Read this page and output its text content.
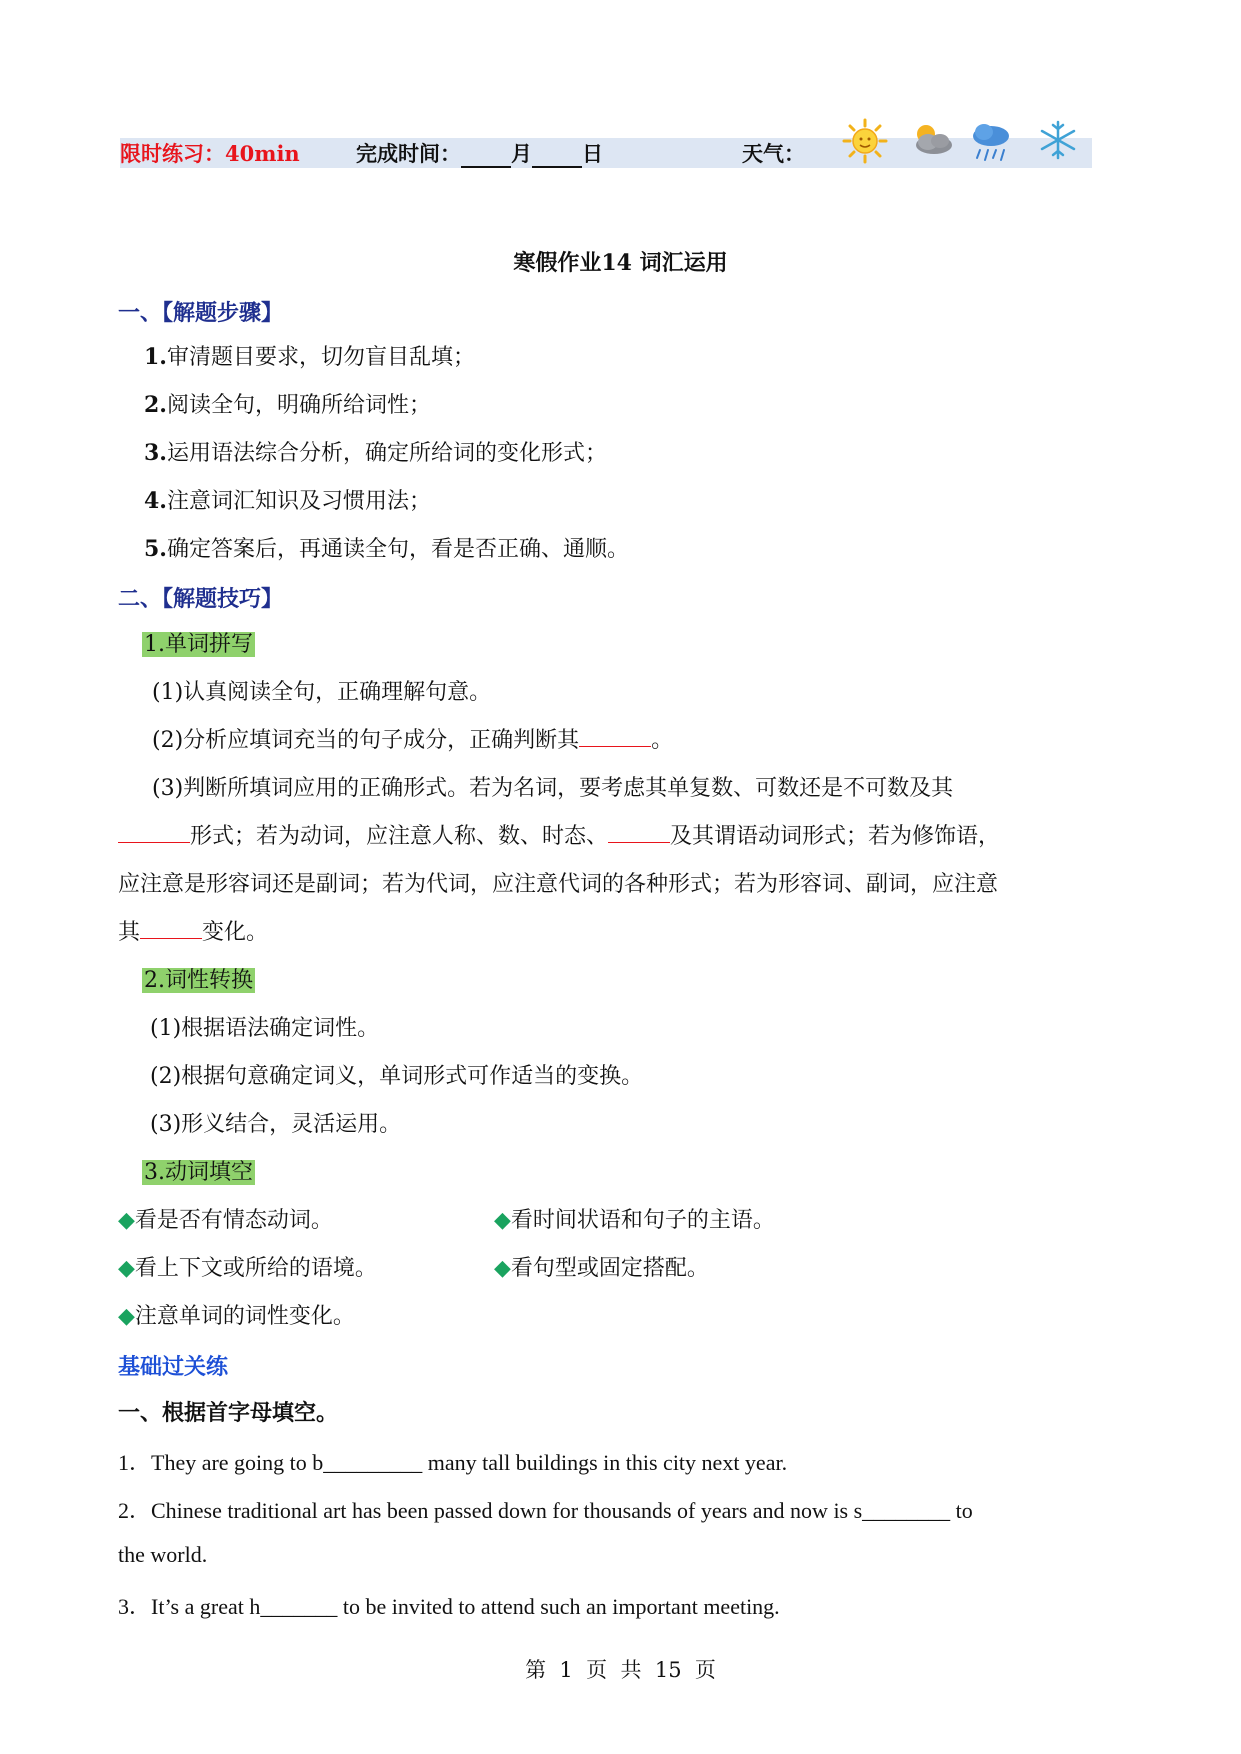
限时练习：40min	完成时间： 月 日	天气：
寒假作业14 词汇运用
一、【解题步骤】
1.审清题目要求，切勿盲目乱填；
2.阅读全句，明确所给词性；
3.运用语法综合分析，确定所给词的变化形式；
4.注意词汇知识及习惯用法；
5.确定答案后，再通读全句，看是否正确、通顺。
二、【解题技巧】
1.单词拼写
(1)认真阅读全句，正确理解句意。
(2)分析应填词充当的句子成分，正确判断其	。
(3)判断所填词应用的正确形式。若为名词，要考虑其单复数、可数还是不可数及其
形式；若为动词，应注意人称、数、时态、	及其谓语动词形式；若为修饰语，
应注意是形容词还是副词；若为代词，应注意代词的各种形式；若为形容词、副词，应注意
其	变化。
2.词性转换
(1)根据语法确定词性。
(2)根据句意确定词义，单词形式可作适当的变换。
(3)形义结合，灵活运用。
3.动词填空
◆看是否有情态动词。	◆看时间状语和句子的主语。
◆看上下文或所给的语境。	◆看句型或固定搭配。
◆注意单词的词性变化。
基础过关练
一、根据首字母填空。
1．They are going to b_________ many tall buildings in this city next year.
2．Chinese traditional art has been passed down for thousands of years and now is s________ to
the world.
3．It’s a great h_______ to be invited to attend such an important meeting.
第  1  页  共  15  页
